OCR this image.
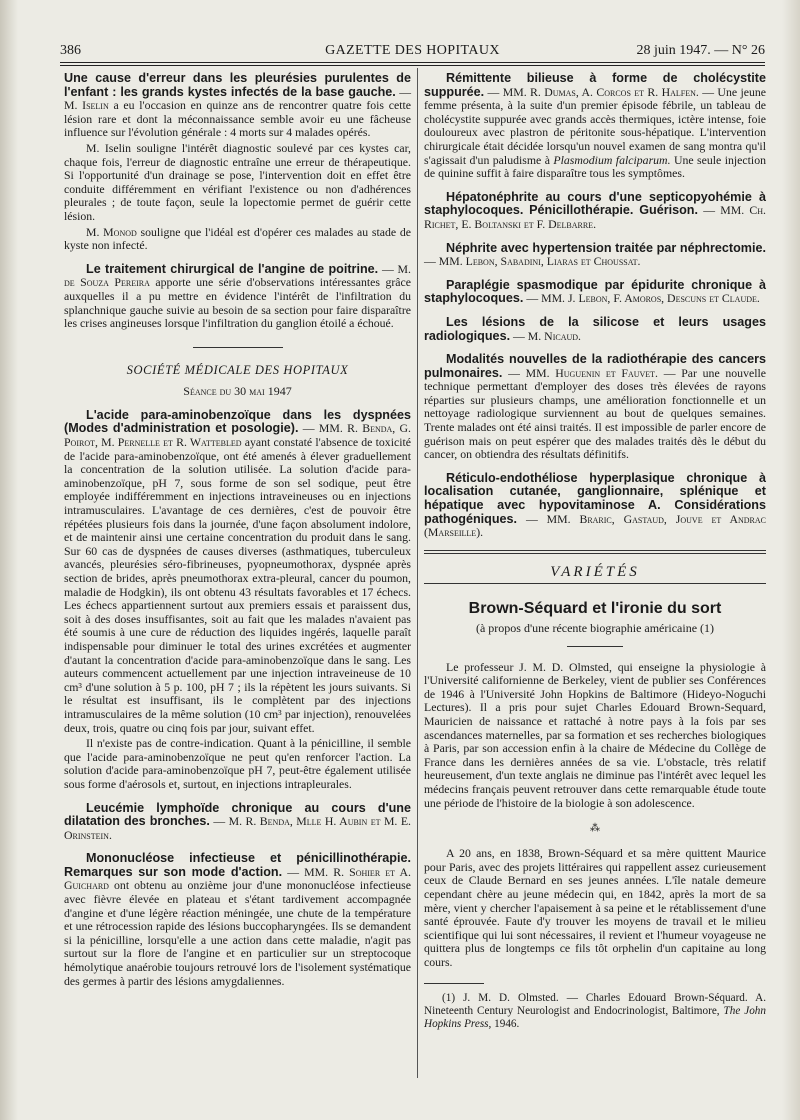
386	GAZETTE DES HOPITAUX	28 juin 1947. — N° 26

Une cause d'erreur dans les pleurésies purulentes de l'enfant : les grands kystes infectés de la base gauche. — M. Iselin a eu l'occasion en quinze ans de rencontrer quatre fois cette lésion rare et dont la méconnaissance semble avoir eu une fâcheuse influence sur l'évolution générale : 4 morts sur 4 malades opérés.

M. Iselin souligne l'intérêt diagnostic soulevé par ces kystes car, chaque fois, l'erreur de diagnostic entraîne une erreur de thérapeutique. Si l'opportunité d'un drainage se pose, l'intervention doit en effet être conduite différemment en vérifiant l'existence ou non d'adhérences pleurales ; de toute façon, seule la lopectomie permet de guérir cette lésion.

M. Monod souligne que l'idéal est d'opérer ces malades au stade de kyste non infecté.

Le traitement chirurgical de l'angine de poitrine. — M. de Souza Pereira apporte une série d'observations intéressantes grâce auxquelles il a pu mettre en évidence l'intérêt de l'infiltration du splanchnique gauche suivie au besoin de sa section pour faire disparaître les crises angineuses lorsque l'infiltration du ganglion étoilé a échoué.

SOCIÉTÉ MÉDICALE DES HOPITAUX
Séance du 30 mai 1947

L'acide para-aminobenzoïque dans les dyspnées (Modes d'administration et posologie). — MM. R. Benda, G. Poirot, M. Pernelle et R. Wattebled ayant constaté l'absence de toxicité de l'acide para-aminobenzoïque, ont été amenés à élever graduellement la concentration de la solution utilisée. La solution d'acide para-aminobenzoïque, pH 7, sous forme de son sel sodique, peut être employée indifféremment en injections intraveineuses ou en injections intramusculaires. L'avantage de ces dernières, c'est de pouvoir être répétées plusieurs fois dans la journée, d'une façon absolument indolore, et de maintenir ainsi une certaine concentration du produit dans le sang. Sur 60 cas de dyspnées de causes diverses (asthmatiques, tuberculeux avancés, pleurésies séro-fibrineuses, pyopneumothorax, dyspnée après section de brides, après pneumothorax extra-pleural, cancer du poumon, maladie de Hodgkin), ils ont obtenu 43 résultats favorables et 17 échecs. Les échecs appartiennent surtout aux premiers essais et paraissent dus, soit à des doses insuffisantes, soit au fait que les malades n'avaient pas été soumis à une cure de réduction des liquides ingérés, laquelle paraît indispensable pour diminuer le total des urines excrétées et augmenter d'autant la concentration d'acide para-aminobenzoïque dans le sang. Les auteurs commencent actuellement par une injection intraveineuse de 10 cm³ d'une solution à 5 p. 100, pH 7 ; ils la répètent les jours suivants. Si le résultat est insuffisant, ils le complètent par des injections intramusculaires de la même solution (10 cm³ par injection), renouvelées deux, trois, quatre ou cinq fois par jour, suivant effet.

Il n'existe pas de contre-indication. Quant à la pénicilline, il semble que l'acide para-aminobenzoïque ne peut qu'en renforcer l'action. La solution d'acide para-aminobenzoïque pH 7, peut-être également utilisée sous forme d'aérosols et, surtout, en injections intrapleurales.

Leucémie lymphoïde chronique au cours d'une dilatation des bronches. — M. R. Benda, Mlle H. Aubin et M. E. Orinstein.

Mononucléose infectieuse et pénicillinothérapie. Remarques sur son mode d'action. — MM. R. Sohier et A. Guichard ont obtenu au onzième jour d'une mononucléose infectieuse avec fièvre élevée en plateau et s'étant tardivement accompagnée d'angine et d'une légère réaction méningée, une chute de la température et une rétrocession rapide des lésions buccopharyngées. Ils se demandent si la pénicilline, lorsqu'elle a une action dans cette maladie, n'agit pas surtout sur la flore de l'angine et en particulier sur un streptocoque hémolytique anaérobie toujours retrouvé lors de l'isolement systématique des germes à partir des lésions amygdaliennes.

Rémittente bilieuse à forme de cholécystite suppurée. — MM. R. Dumas, A. Corcos et R. Halfen. — Une jeune femme présenta, à la suite d'un premier épisode fébrile, un tableau de cholécystite suppurée avec grands accès thermiques, ictère intense, foie douloureux avec plastron de péritonite sous-hépatique. L'intervention chirurgicale était décidée lorsqu'un nouvel examen de sang montra qu'il s'agissait d'un paludisme à Plasmodium falciparum. Une seule injection de quinine suffit à faire disparaître tous les symptômes.

Hépatonéphrite au cours d'une septicopyohémie à staphylocoques. Pénicillothérapie. Guérison. — MM. Ch. Richet, E. Boltanski et F. Delbarre.

Néphrite avec hypertension traitée par néphrectomie. — MM. Lebon, Sabadini, Liaras et Choussat.

Paraplégie spasmodique par épidurite chronique à staphylocoques. — MM. J. Lebon, F. Amoros, Descuns et Claude.

Les lésions de la silicose et leurs usages radiologiques. — M. Nicaud.

Modalités nouvelles de la radiothérapie des cancers pulmonaires. — MM. Huguenin et Fauvet. — Par une nouvelle technique permettant d'employer des doses très élevées de rayons réparties sur plusieurs champs, une amélioration fonctionnelle et un nettoyage radiologique surviennent au bout de quelques semaines. Trente malades ont été ainsi traités. Il est impossible de parler encore de guérison mais on peut espérer que des malades traités dès le début du cancer, on obtiendra des résultats définitifs.

Réticulo-endothéliose hyperplasique chronique à localisation cutanée, ganglionnaire, splénique et hépatique avec hypovitaminose A. Considérations pathogéniques. — MM. Braric, Gastaud, Jouve et Andrac (Marseille).

VARIÉTÉS
Brown-Séquard et l'ironie du sort
(à propos d'une récente biographie américaine (1)

Le professeur J. M. D. Olmsted, qui enseigne la physiologie à l'Université californienne de Berkeley, vient de publier ses Conférences de 1946 à l'Université John Hopkins de Baltimore (Hideyo-Noguchi Lectures). Il a pris pour sujet Charles Edouard Brown-Sequard, Mauricien de naissance et rattaché à notre pays à la fois par ses ascendances maternelles, par sa formation et ses recherches biologiques à Paris, par son accession enfin à la chaire de Médecine du Collège de France dans les dernières années de sa vie. L'obstacle, très relatif heureusement, d'un texte anglais ne diminue pas l'intérêt avec lequel les médecins français peuvent retrouver dans cette remarquable étude toute une période de l'histoire de la biologie à son adolescence.

⁂

A 20 ans, en 1838, Brown-Séquard et sa mère quittent Maurice pour Paris, avec des projets littéraires qui rappellent assez curieusement ceux de Claude Bernard en ses jeunes années. L'île natale demeure cependant chère au jeune médecin qui, en 1842, après la mort de sa mère, vient y chercher l'apaisement à sa peine et le rétablissement d'une santé éprouvée. Faute d'y trouver les moyens de travail et le milieu scientifique qui lui sont nécessaires, il revient et l'humeur voyageuse ne quittera plus de longtemps ce fils tôt orphelin d'un capitaine au long cours.

(1) J. M. D. Olmsted. — Charles Edouard Brown-Séquard. A. Nineteenth Century Neurologist and Endocrinologist, Baltimore, The John Hopkins Press, 1946.
